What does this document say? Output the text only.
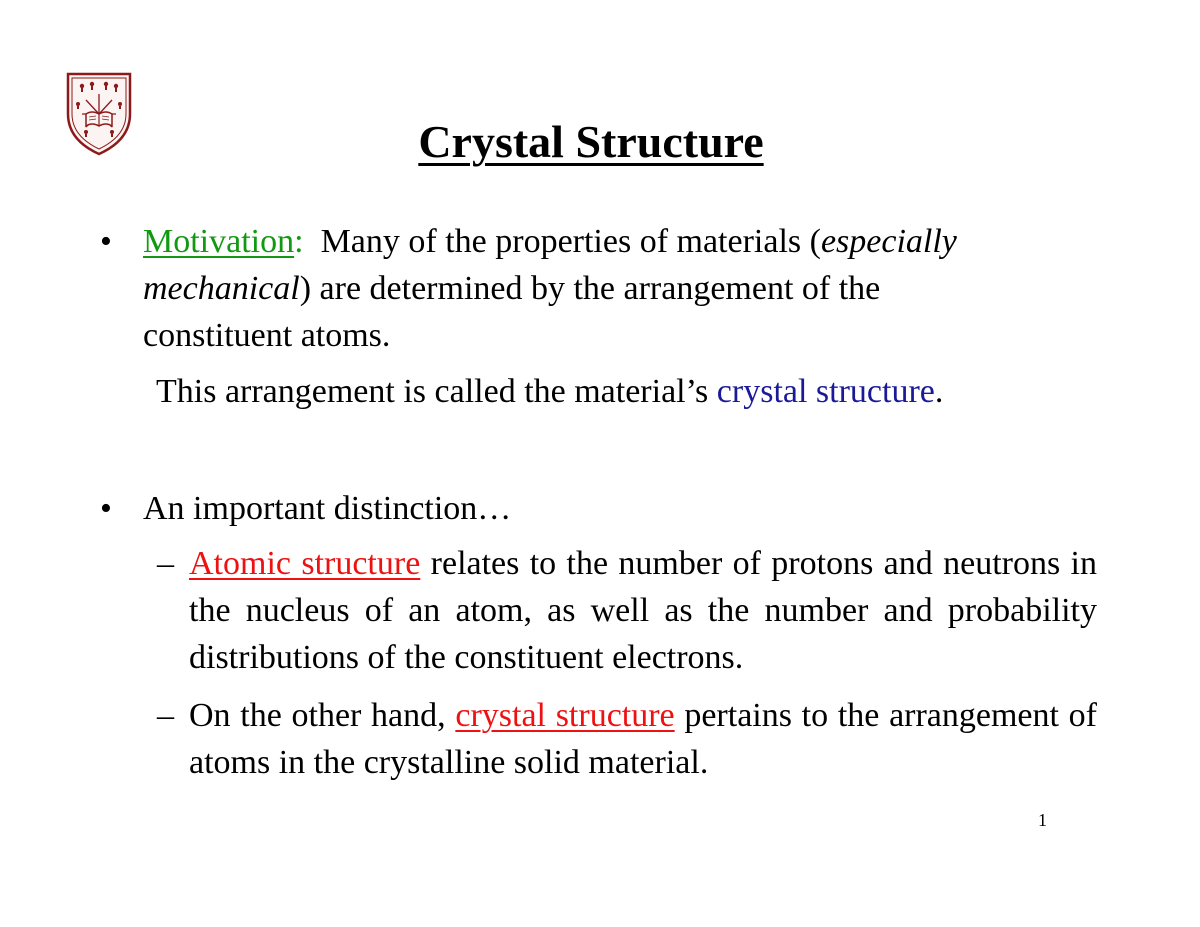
Crystal Structure
• Motivation:  Many of the properties of materials (especially
mechanical) are determined by the arrangement of the
constituent atoms.
This arrangement is called the material’s crystal structure.
• An important distinction…
– Atomic structure relates to the number of protons and neutrons in the nucleus of an atom, as well as the number and probability distributions of the constituent electrons.
– On the other hand, crystal structure pertains to the arrangement of atoms in the crystalline solid material.
1
